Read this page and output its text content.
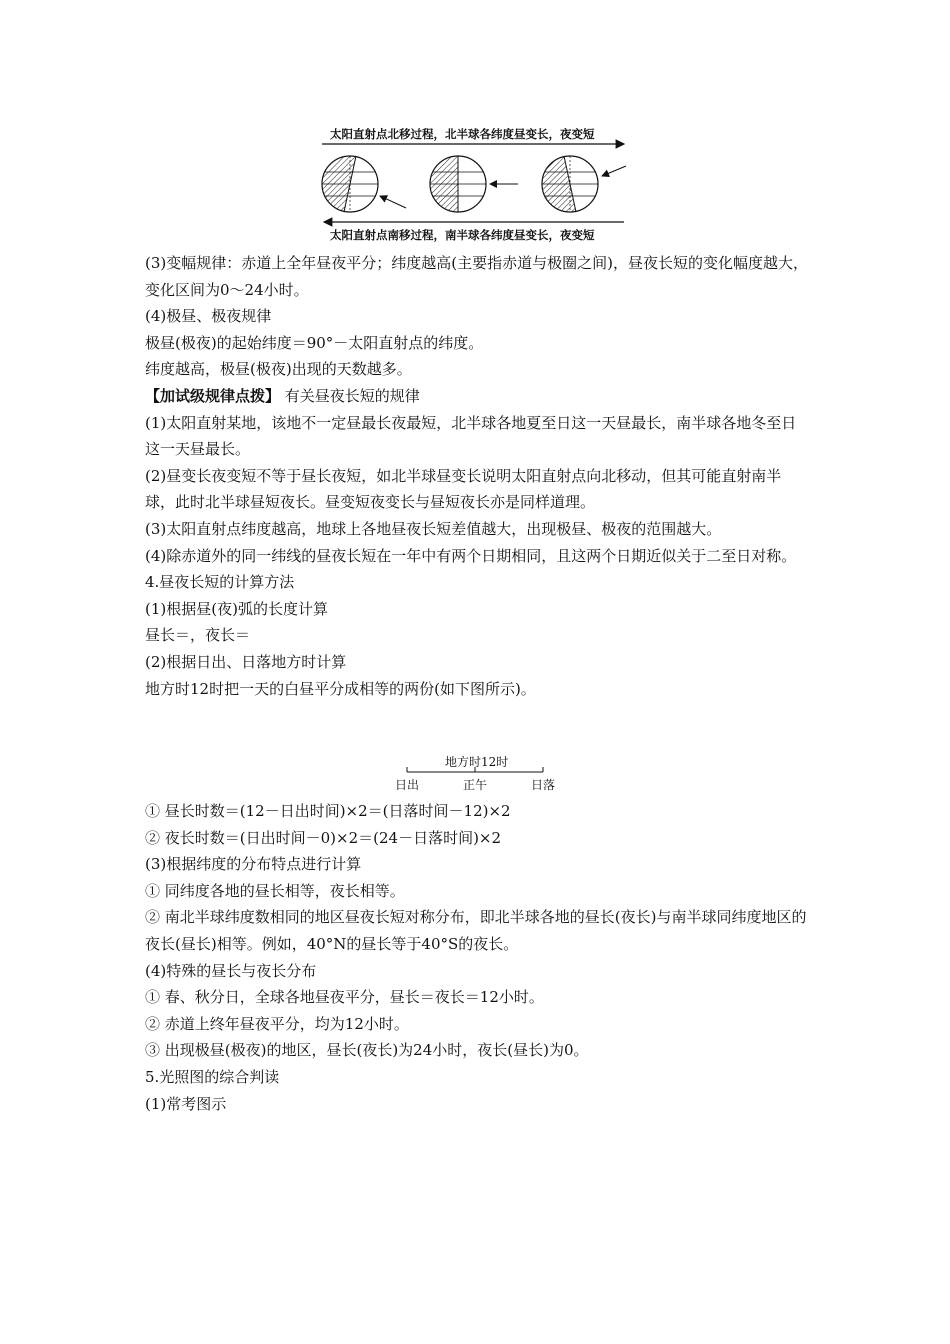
太阳直射点北移过程，北半球各纬度昼变长，夜变短
太阳直射点南移过程，南半球各纬度昼变长，夜变短

(3)变幅规律：赤道上全年昼夜平分；纬度越高(主要指赤道与极圈之间)，昼夜长短的变化幅度越大，变化区间为0～24小时。

(4)极昼、极夜规律

极昼(极夜)的起始纬度＝90°－太阳直射点的纬度。

纬度越高，极昼(极夜)出现的天数越多。

【加试级规律点拨】 有关昼夜长短的规律

(1)太阳直射某地，该地不一定昼最长夜最短，北半球各地夏至日这一天昼最长，南半球各地冬至日这一天昼最长。

(2)昼变长夜变短不等于昼长夜短，如北半球昼变长说明太阳直射点向北移动，但其可能直射南半球，此时北半球昼短夜长。昼变短夜变长与昼短夜长亦是同样道理。

(3)太阳直射点纬度越高，地球上各地昼夜长短差值越大，出现极昼、极夜的范围越大。

(4)除赤道外的同一纬线的昼夜长短在一年中有两个日期相同，且这两个日期近似关于二至日对称。

4.昼夜长短的计算方法

(1)根据昼(夜)弧的长度计算

昼长＝，夜长＝

(2)根据日出、日落地方时计算

地方时12时把一天的白昼平分成相等的两份(如下图所示)。

地方时12时
日出	正午	日落

① 昼长时数＝(12－日出时间)×2＝(日落时间－12)×2

② 夜长时数＝(日出时间－0)×2＝(24－日落时间)×2

(3)根据纬度的分布特点进行计算

① 同纬度各地的昼长相等，夜长相等。

② 南北半球纬度数相同的地区昼夜长短对称分布，即北半球各地的昼长(夜长)与南半球同纬度地区的夜长(昼长)相等。例如，40°N的昼长等于40°S的夜长。

(4)特殊的昼长与夜长分布

① 春、秋分日，全球各地昼夜平分，昼长＝夜长＝12小时。

② 赤道上终年昼夜平分，均为12小时。

③ 出现极昼(极夜)的地区，昼长(夜长)为24小时，夜长(昼长)为0。

5.光照图的综合判读

(1)常考图示
